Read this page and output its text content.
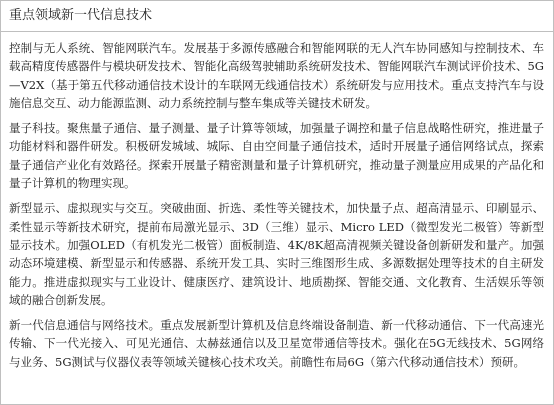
重点领域新一代信息技术

控制与无人系统、智能网联汽车。发展基于多源传感融合和智能网联的无人汽车协同感知与控制技术、车载高精度传感器件与模块研发技术、智能化高级驾驶辅助系统研发技术、智能网联汽车测试评价技术、5G—V2X（基于第五代移动通信技术设计的车联网无线通信技术）系统研发与应用技术。重点支持汽车与设施信息交互、动力能源监测、动力系统控制与整车集成等关键技术研发。

量子科技。聚焦量子通信、量子测量、量子计算等领域，加强量子调控和量子信息战略性研究，推进量子功能材料和器件研发。积极研发城域、城际、自由空间量子通信技术，适时开展量子通信网络试点，探索量子通信产业化有效路径。探索开展量子精密测量和量子计算机研究，推动量子测量应用成果的产品化和量子计算机的物理实现。

新型显示、虚拟现实与交互。突破曲面、折选、柔性等关键技术，加快量子点、超高清显示、印刷显示、柔性显示等新技术研究，提前布局激光显示、3D（三维）显示、Micro LED（微型发光二极管）等新型显示技术。加强OLED（有机发光二极管）面板制造、4K/8K超高清视频关键设备创新研发和量产。加强动态环境建模、新型显示和传感器、系统开发工具、实时三维图形生成、多源数据处理等技术的自主研发能力。推进虚拟现实与工业设计、健康医疗、建筑设计、地质勘探、智能交通、文化教育、生活娱乐等领域的融合创新发展。

新一代信息通信与网络技术。重点发展新型计算机及信息终端设备制造、新一代移动通信、下一代高速光传输、下一代光接入、可见光通信、太赫兹通信以及卫星宽带通信等技术。强化在5G无线技术、5G网络与业务、5G测试与仪器仪表等领域关键核心技术攻关。前瞻性布局6G（第六代移动通信技术）预研。
